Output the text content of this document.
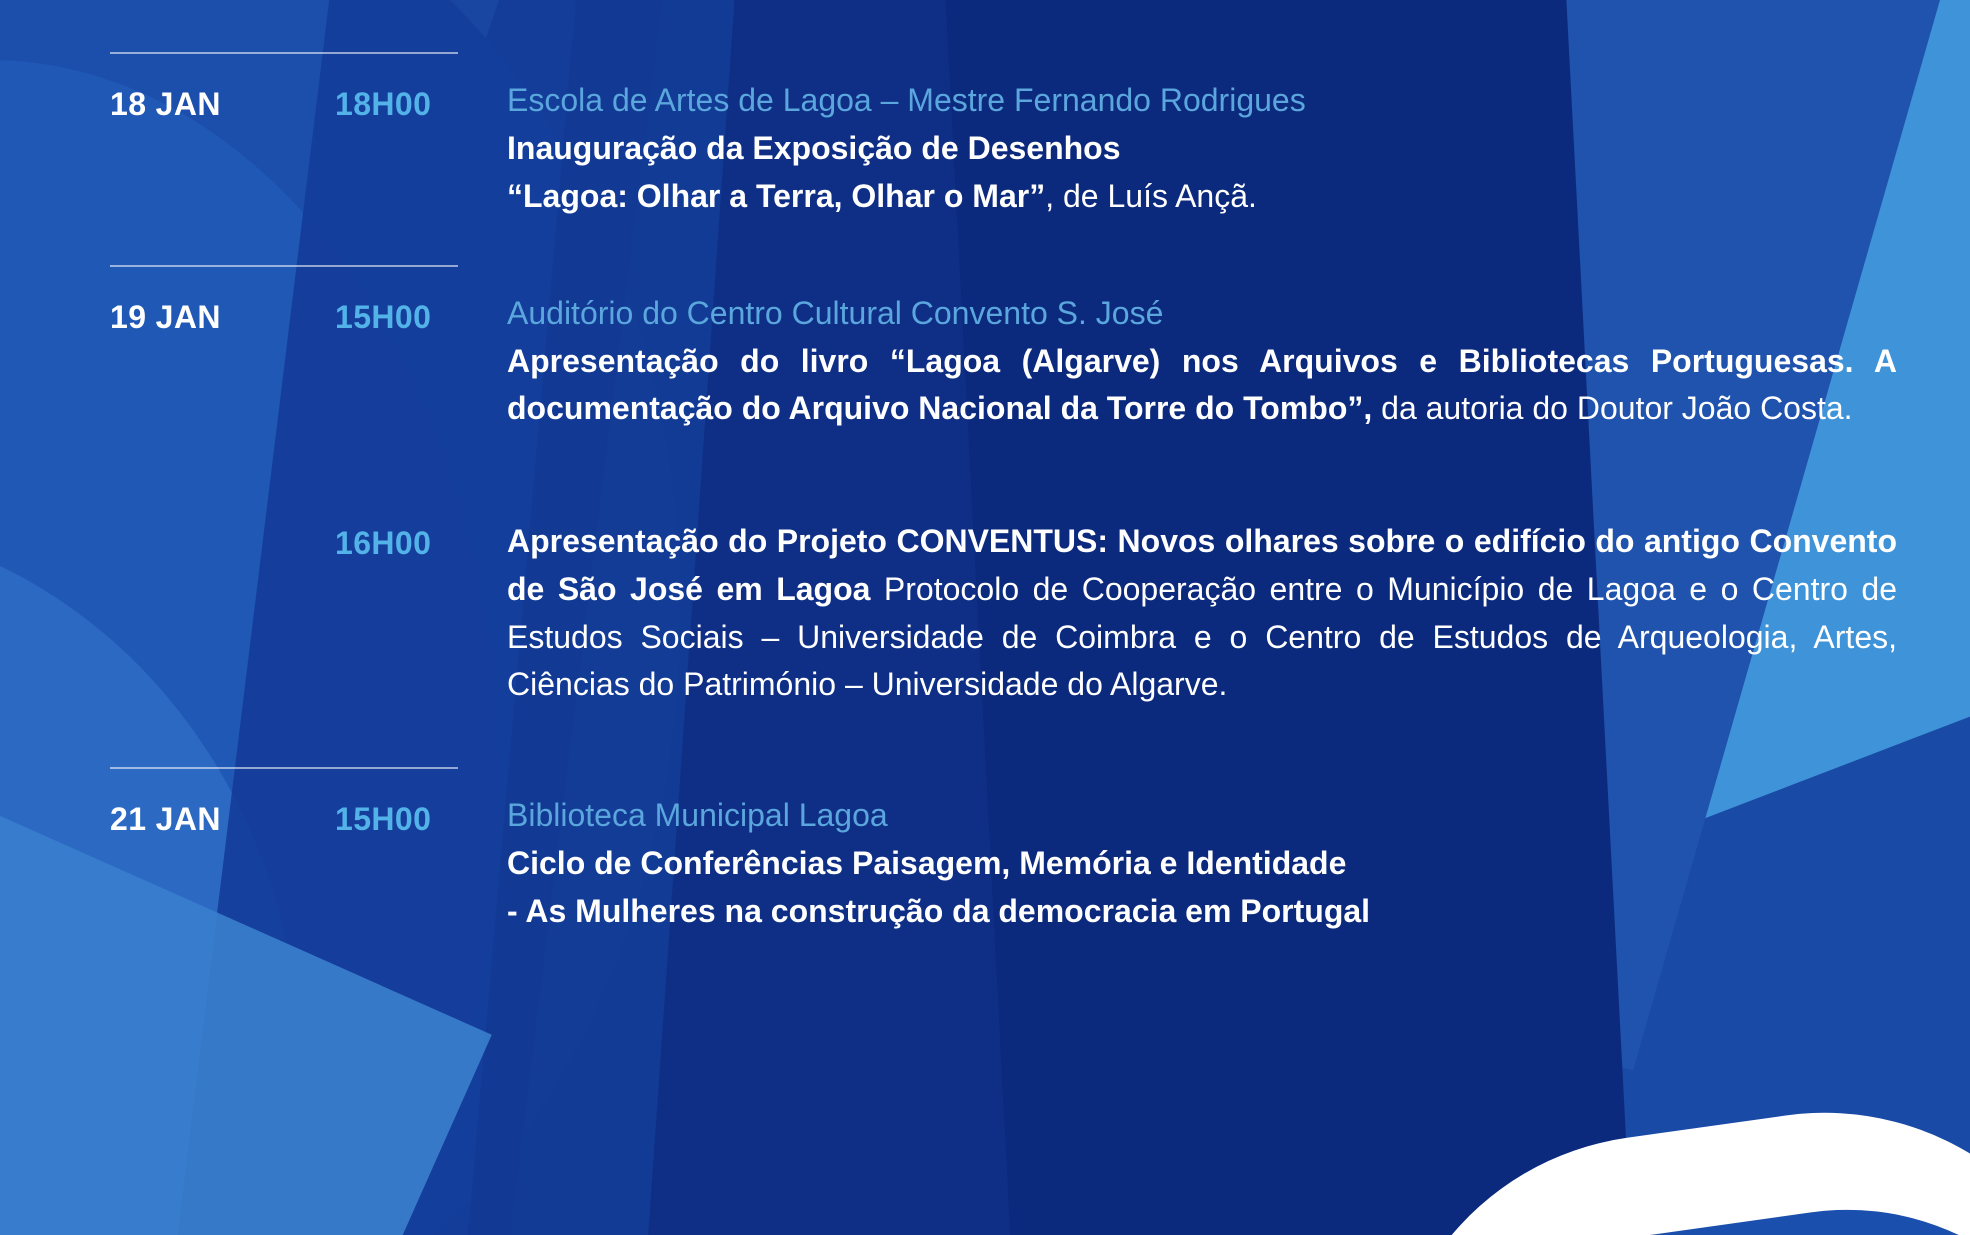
18 JAN	18H00	Escola de Artes de Lagoa – Mestre Fernando Rodrigues
Inauguração da Exposição de Desenhos
“Lagoa: Olhar a Terra, Olhar o Mar”, de Luís Ançã.
19 JAN	15H00	Auditório do Centro Cultural Convento S. José
Apresentação do livro “Lagoa (Algarve) nos Arquivos e Bibliotecas Portuguesas. A documentação do Arquivo Nacional da Torre do Tombo”, da autoria do Doutor João Costa.
16H00	Apresentação do Projeto CONVENTUS: Novos olhares sobre o edifício do antigo Convento de São José em Lagoa Protocolo de Cooperação entre o Município de Lagoa e o Centro de Estudos Sociais – Universidade de Coimbra e o Centro de Estudos de Arqueologia, Artes, Ciências do Património – Universidade do Algarve.
21 JAN	15H00	Biblioteca Municipal Lagoa
Ciclo de Conferências Paisagem, Memória e Identidade
- As Mulheres na construção da democracia em Portugal
